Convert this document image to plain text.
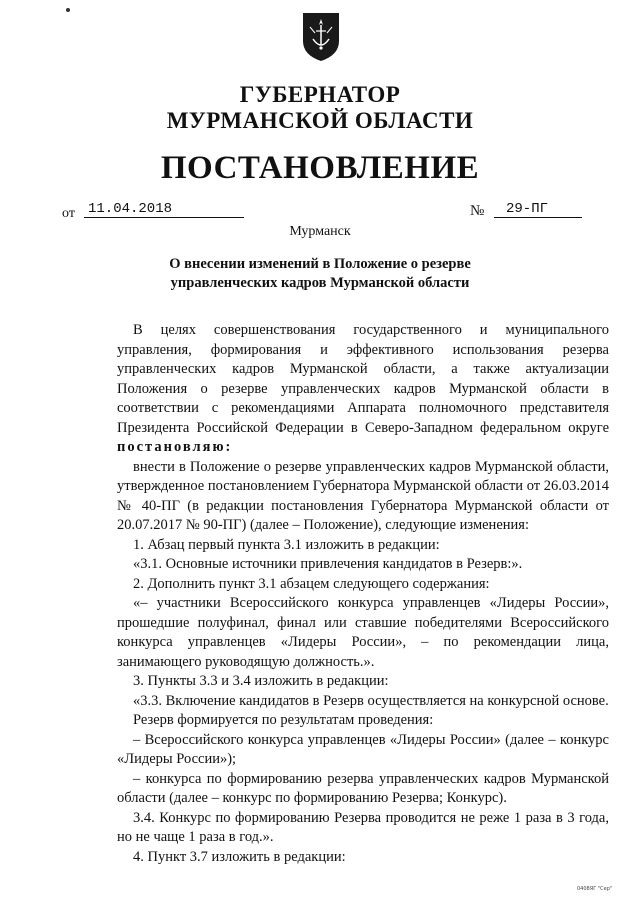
ГУБЕРНАТОР
МУРМАНСКОЙ ОБЛАСТИ
ПОСТАНОВЛЕНИЕ
от 11.04.2018	№	29-ПГ
Мурманск
О внесении изменений в Положение о резерве
управленческих кадров Мурманской области

В целях совершенствования государственного и муниципального управления, формирования и эффективного использования резерва управленческих кадров Мурманской области, а также актуализации Положения о резерве управленческих кадров Мурманской области в соответствии с рекомендациями Аппарата полномочного представителя Президента Российской Федерации в Северо-Западном федеральном округе постановляю:

внести в Положение о резерве управленческих кадров Мурманской области, утвержденное постановлением Губернатора Мурманской области от 26.03.2014 № 40-ПГ (в редакции постановления Губернатора Мурманской области от 20.07.2017 № 90-ПГ) (далее – Положение), следующие изменения:

1. Абзац первый пункта 3.1 изложить в редакции:

«3.1. Основные источники привлечения кандидатов в Резерв:».

2. Дополнить пункт 3.1 абзацем следующего содержания:

«– участники Всероссийского конкурса управленцев «Лидеры России», прошедшие полуфинал, финал или ставшие победителями Всероссийского конкурса управленцев «Лидеры России», – по рекомендации лица, занимающего руководящую должность.».

3. Пункты 3.3 и 3.4 изложить в редакции:

«3.3. Включение кандидатов в Резерв осуществляется на конкурсной основе.

Резерв формируется по результатам проведения:

– Всероссийского конкурса управленцев «Лидеры России» (далее – конкурс «Лидеры России»);

– конкурса по формированию резерва управленческих кадров Мурманской области (далее – конкурс по формированию Резерва; Конкурс).

3.4. Конкурс по формированию Резерва проводится не реже 1 раза в 3 года, но не чаще 1 раза в год.».

4. Пункт 3.7 изложить в редакции:

0408ЯГ "Сер"
